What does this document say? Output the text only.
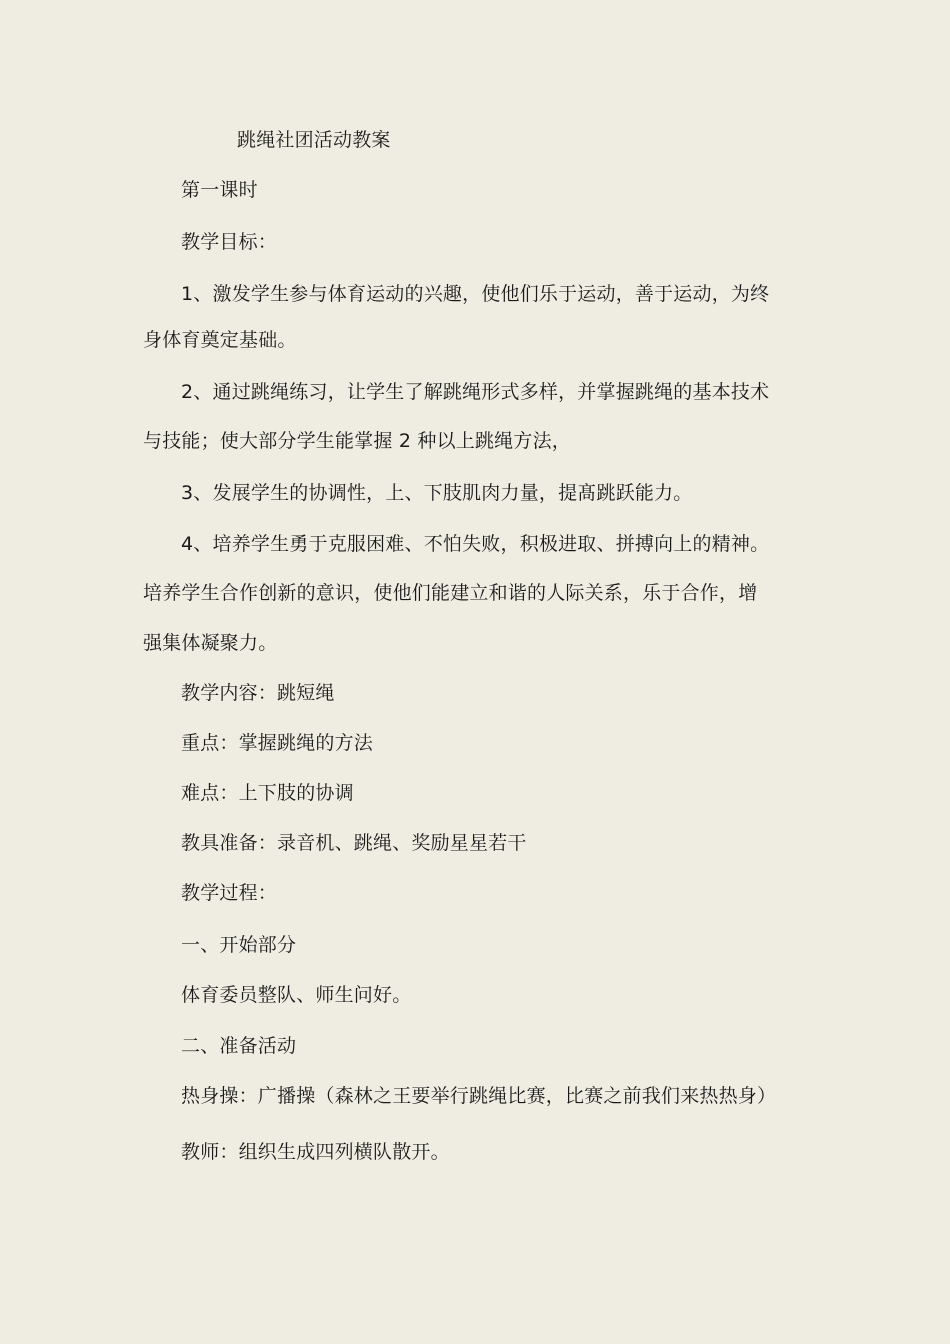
跳绳社团活动教案
第一课时
教学目标：
1、激发学生参与体育运动的兴趣，使他们乐于运动，善于运动，为终
身体育奠定基础。
2、通过跳绳练习，让学生了解跳绳形式多样，并掌握跳绳的基本技术
与技能；使大部分学生能掌握 2 种以上跳绳方法，
3、发展学生的协调性，上、下肢肌肉力量，提髙跳跃能力。
4、培养学生勇于克服困难、不怕失败，积极进取、拼搏向上的精神。
培养学生合作创新的意识，使他们能建立和谐的人际关系，乐于合作，增
强集体凝聚力。
教学内容：跳短绳
重点：掌握跳绳的方法
难点：上下肢的协调
教具准备：录音机、跳绳、奖励星星若干
教学过程：
一、开始部分
体育委员整队、师生问好。
二、准备活动
热身操：广播操（森林之王要举行跳绳比赛，比赛之前我们来热热身）
教师：组织生成四列横队散开。
